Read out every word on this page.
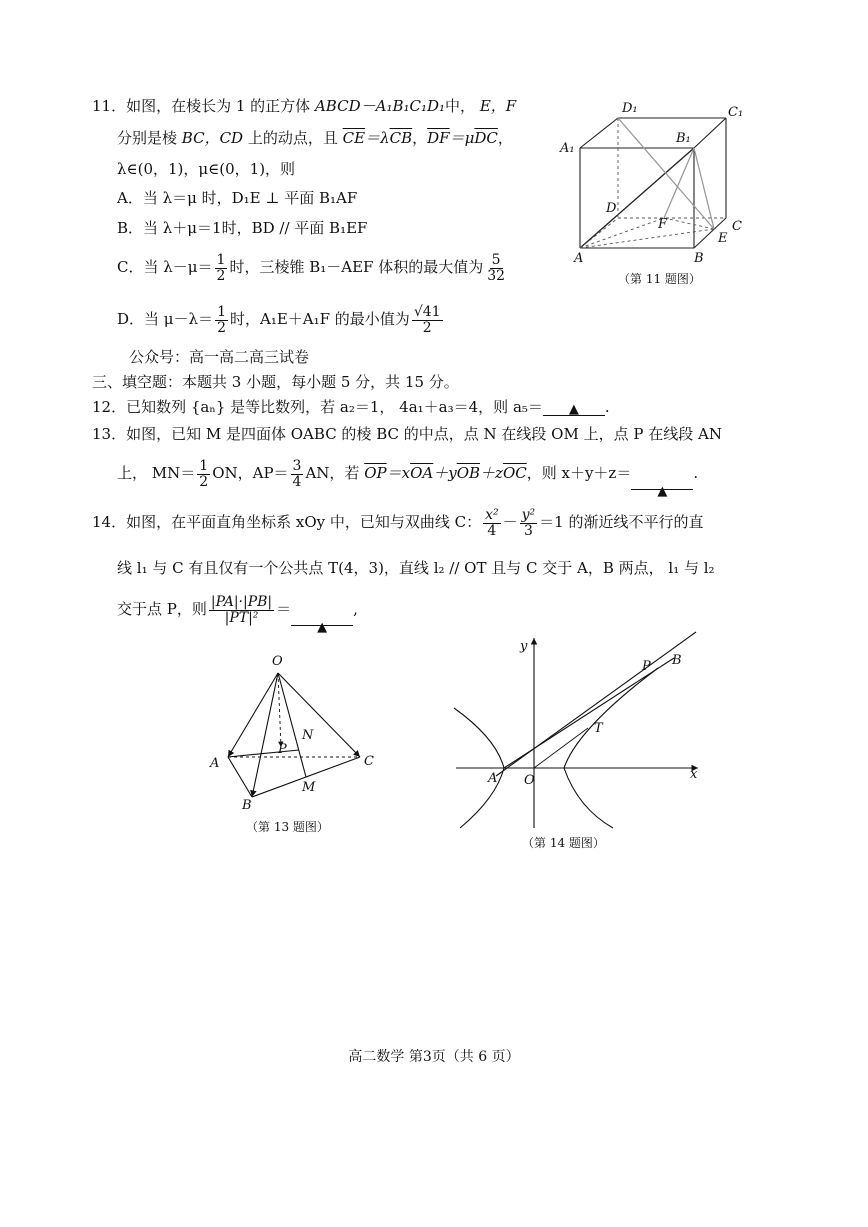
11．如图，在棱长为 1 的正方体 ABCD－A₁B₁C₁D₁中， E，F
分别是棱 BC，CD 上的动点，且 $\overline{CE}=\lambda\overline{CB}$，$\overline{DF}=\mu\overline{DC}$，
λ∈(0，1)，μ∈(0，1)，则
A．当 λ＝μ 时，D₁E ⊥ 平面 B₁AF
B．当 λ＋μ＝1时，BD // 平面 B₁EF
C．当 $\lambda-\mu= \frac{1}{2}$ 时，三棱锥 B₁－AEF 体积的最大值为 $\frac{5}{32}$
D．当 $\mu-\lambda= \frac{1}{2}$ 时，A₁E＋A₁F 的最小值为 $\frac{√41}{2}$
公众号：高一高二高三试卷
D₁	C₁
A₁
B₁
D
F	C
E
A	B
（第 11 题图）
三、填空题：本题共 3 小题，每小题 5 分，共 15 分。
12．已知数列 {aₙ} 是等比数列，若 a₂＝1， 4a₁＋a₃＝4，则 a₅＝ ▲ .
13．如图，已知 M 是四面体 OABC 的棱 BC 的中点，点 N 在线段 OM 上，点 P 在线段 AN
上， $MN= \frac{1}{2}$ ON，$AP= \frac{3}{4}$ AN，若 $\overline{OP}=x\overline{OA}+y\overline{OB}+z\overline{OC}$，则 x＋y＋z＝▲.
14．如图，在平面直角坐标系 xOy 中，已知与双曲线 C： $\frac{\text{x²}}{4} - \frac{\text{y²}}{3} =1$ 的渐近线不平行的直
线 l₁ 与 C 有且仅有一个公共点 T(4，3)，直线 l₂ // OT 且与 C 交于 A，B 两点， l₁ 与 l₂
交于点 P，则 $\frac{|PA|\cdot|PB|}{\text{|PT|²}}$ ＝▲,
O
N
P
A	C
M
B
（第 13 题图）
y
x
O
A
T
P B
（第 14 题图）
高二数学 第3页（共 6 页）
